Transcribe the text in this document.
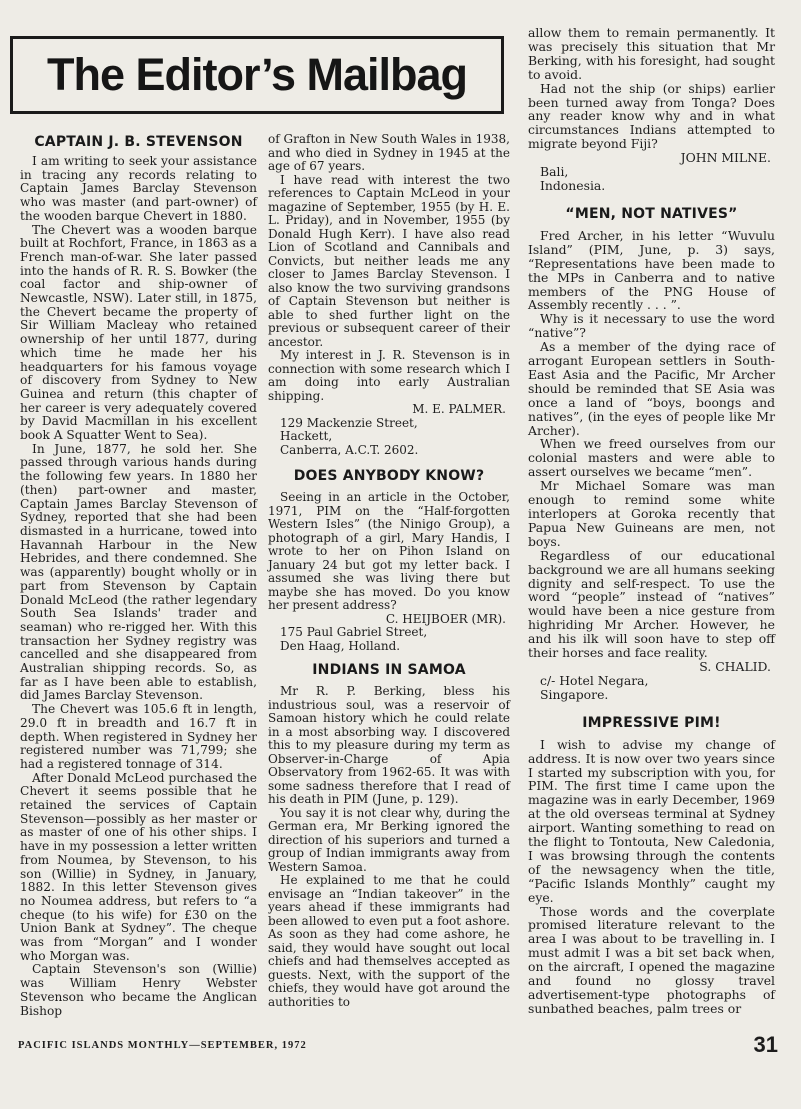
The Editor’s Mailbag
CAPTAIN J. B. STEVENSON

I am writing to seek your assistance in tracing any records relating to Captain James Barclay Stevenson who was master (and part-owner) of the wooden barque Chevert in 1880.

The Chevert was a wooden barque built at Rochfort, France, in 1863 as a French man-of-war. She later passed into the hands of R. R. S. Bowker (the coal factor and ship-owner of Newcastle, NSW). Later still, in 1875, the Chevert became the property of Sir William Macleay who retained ownership of her until 1877, during which time he made her his headquarters for his famous voyage of discovery from Sydney to New Guinea and return (this chapter of her career is very adequately covered by David Macmillan in his excellent book A Squatter Went to Sea).

In June, 1877, he sold her. She passed through various hands during the following few years. In 1880 her (then) part-owner and master, Captain James Barclay Stevenson of Sydney, reported that she had been dismasted in a hurricane, towed into Havannah Harbour in the New Hebrides, and there condemned. She was (apparently) bought wholly or in part from Stevenson by Captain Donald McLeod (the rather legendary South Sea Islands' trader and seaman) who re-rigged her. With this transaction her Sydney registry was cancelled and she disappeared from Australian shipping records. So, as far as I have been able to establish, did James Barclay Stevenson.

The Chevert was 105.6 ft in length, 29.0 ft in breadth and 16.7 ft in depth. When registered in Sydney her registered number was 71,799; she had a registered tonnage of 314.

After Donald McLeod purchased the Chevert it seems possible that he retained the services of Captain Stevenson—possibly as her master or as master of one of his other ships. I have in my possession a letter written from Noumea, by Stevenson, to his son (Willie) in Sydney, in January, 1882. In this letter Stevenson gives no Noumea address, but refers to “a cheque (to his wife) for £30 on the Union Bank at Sydney”. The cheque was from “Morgan” and I wonder who Morgan was.

Captain Stevenson's son (Willie) was William Henry Webster Stevenson who became the Anglican Bishop

of Grafton in New South Wales in 1938, and who died in Sydney in 1945 at the age of 67 years.

I have read with interest the two references to Captain McLeod in your magazine of September, 1955 (by H. E. L. Priday), and in November, 1955 (by Donald Hugh Kerr). I have also read Lion of Scotland and Cannibals and Convicts, but neither leads me any closer to James Barclay Stevenson. I also know the two surviving grandsons of Captain Stevenson but neither is able to shed further light on the previous or subsequent career of their ancestor.

My interest in J. R. Stevenson is in connection with some research which I am doing into early Australian shipping.

M. E. PALMER.

129 Mackenzie Street,

Hackett,

Canberra, A.C.T. 2602.

DOES ANYBODY KNOW?

Seeing in an article in the October, 1971, PIM on the “Half-forgotten Western Isles” (the Ninigo Group), a photograph of a girl, Mary Handis, I wrote to her on Pihon Island on January 24 but got my letter back. I assumed she was living there but maybe she has moved. Do you know her present address?

C. HEIJBOER (MR).

175 Paul Gabriel Street,

Den Haag, Holland.

INDIANS IN SAMOA

Mr R. P. Berking, bless his industrious soul, was a reservoir of Samoan history which he could relate in a most absorbing way. I discovered this to my pleasure during my term as Observer-in-Charge of Apia Observatory from 1962-65. It was with some sadness therefore that I read of his death in PIM (June, p. 129).

You say it is not clear why, during the German era, Mr Berking ignored the direction of his superiors and turned a group of Indian immigrants away from Western Samoa.

He explained to me that he could envisage an “Indian takeover” in the years ahead if these immigrants had been allowed to even put a foot ashore. As soon as they had come ashore, he said, they would have sought out local chiefs and had themselves accepted as guests. Next, with the support of the chiefs, they would have got around the authorities to

allow them to remain permanently. It was precisely this situation that Mr Berking, with his foresight, had sought to avoid.

Had not the ship (or ships) earlier been turned away from Tonga? Does any reader know why and in what circumstances Indians attempted to migrate beyond Fiji?

JOHN MILNE.

Bali,

Indonesia.

“MEN, NOT NATIVES”

Fred Archer, in his letter “Wuvulu Island” (PIM, June, p. 3) says, “Representations have been made to the MPs in Canberra and to native members of the PNG House of Assembly recently . . . ”.

Why is it necessary to use the word “native”?

As a member of the dying race of arrogant European settlers in South-East Asia and the Pacific, Mr Archer should be reminded that SE Asia was once a land of “boys, boongs and natives”, (in the eyes of people like Mr Archer).

When we freed ourselves from our colonial masters and were able to assert ourselves we became “men”.

Mr Michael Somare was man enough to remind some white interlopers at Goroka recently that Papua New Guineans are men, not boys.

Regardless of our educational background we are all humans seeking dignity and self-respect. To use the word “people” instead of “natives” would have been a nice gesture from highriding Mr Archer. However, he and his ilk will soon have to step off their horses and face reality.

S. CHALID.

c/- Hotel Negara,

Singapore.

IMPRESSIVE PIM!

I wish to advise my change of address. It is now over two years since I started my subscription with you, for PIM. The first time I came upon the magazine was in early December, 1969 at the old overseas terminal at Sydney airport. Wanting something to read on the flight to Tontouta, New Caledonia, I was browsing through the contents of the newsagency when the title, “Pacific Islands Monthly” caught my eye.

Those words and the coverplate promised literature relevant to the area I was about to be travelling in. I must admit I was a bit set back when, on the aircraft, I opened the magazine and found no glossy travel advertisement-type photographs of sunbathed beaches, palm trees or

PACIFIC ISLANDS MONTHLY—SEPTEMBER, 1972	31
